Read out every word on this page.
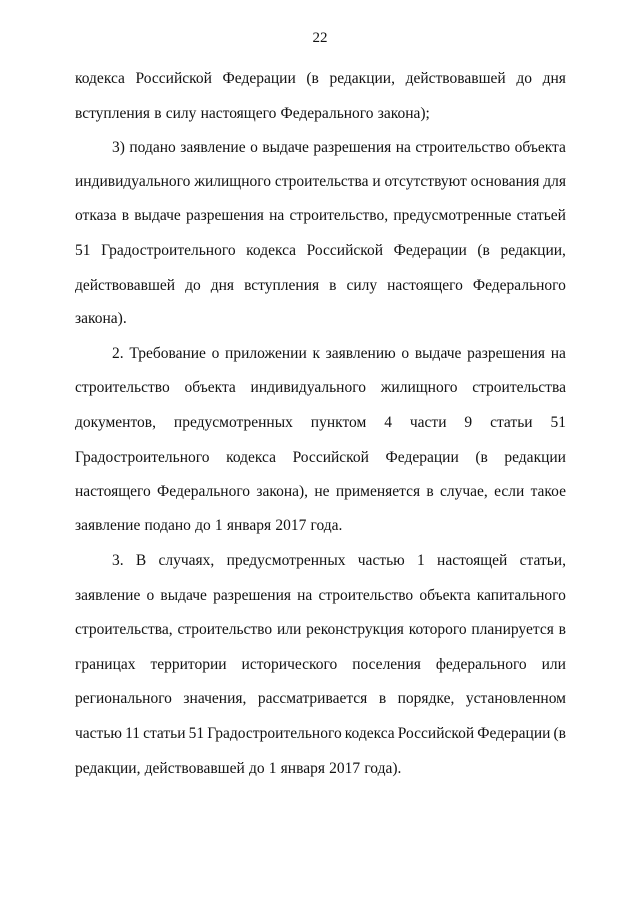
22
кодекса Российской Федерации (в редакции, действовавшей до дня
вступления в силу настоящего Федерального закона);
3) подано заявление о выдаче разрешения на строительство объекта
индивидуального жилищного строительства и отсутствуют основания для
отказа в выдаче разрешения на строительство, предусмотренные статьей
51 Градостроительного кодекса Российской Федерации (в редакции,
действовавшей до дня вступления в силу настоящего Федерального
закона).
2. Требование о приложении к заявлению о выдаче разрешения на
строительство объекта индивидуального жилищного строительства
документов, предусмотренных пунктом 4 части 9 статьи 51
Градостроительного кодекса Российской Федерации (в редакции
настоящего Федерального закона), не применяется в случае, если такое
заявление подано до 1 января 2017 года.
3. В случаях, предусмотренных частью 1 настоящей статьи,
заявление о выдаче разрешения на строительство объекта капитального
строительства, строительство или реконструкция которого планируется в
границах территории исторического поселения федерального или
регионального значения, рассматривается в порядке, установленном
частью 11 статьи 51 Градостроительного кодекса Российской Федерации (в
редакции, действовавшей до 1 января 2017 года).
